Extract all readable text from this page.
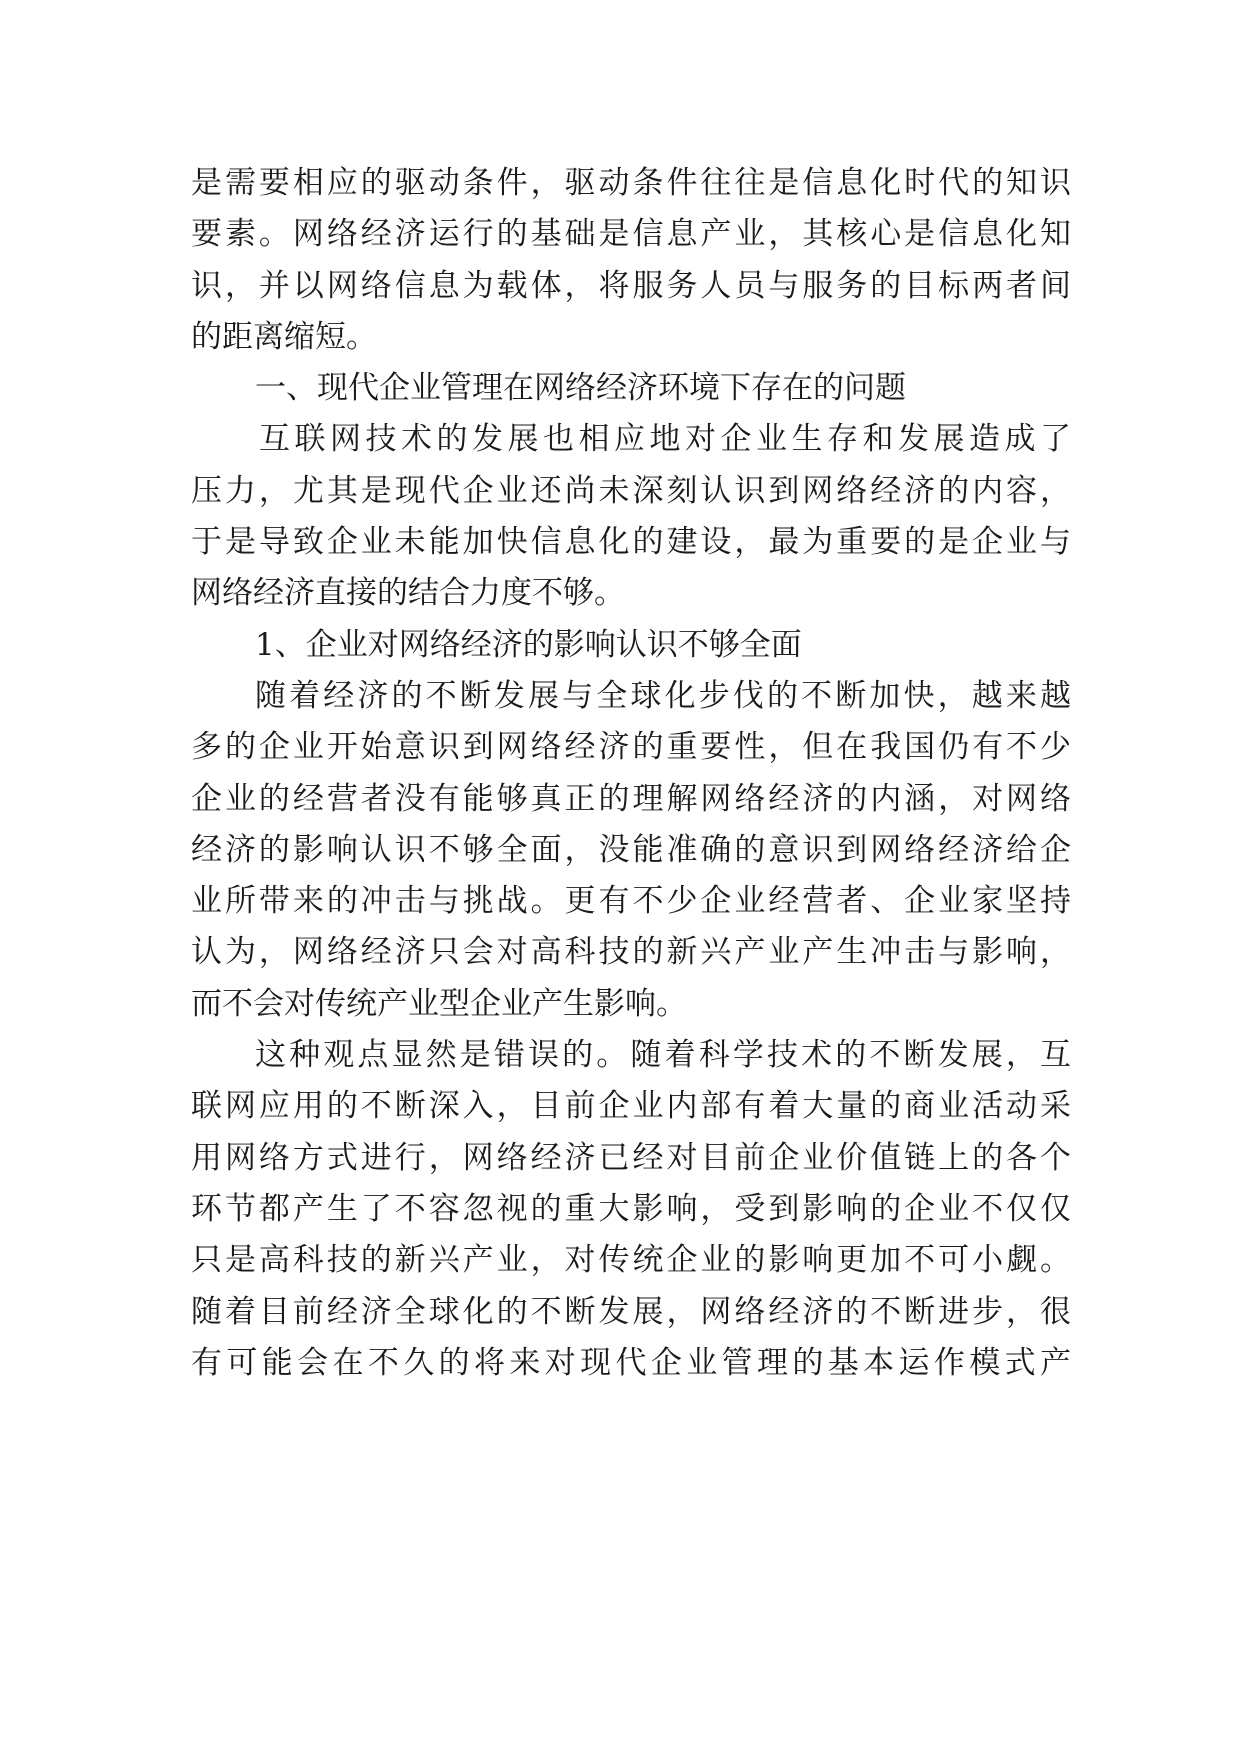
是需要相应的驱动条件，驱动条件往往是信息化时代的知识
要素。网络经济运行的基础是信息产业，其核心是信息化知
识，并以网络信息为载体，将服务人员与服务的目标两者间
的距离缩短。
一、现代企业管理在网络经济环境下存在的问题
互联网技术的发展也相应地对企业生存和发展造成了
压力，尤其是现代企业还尚未深刻认识到网络经济的内容，
于是导致企业未能加快信息化的建设，最为重要的是企业与
网络经济直接的结合力度不够。
1、企业对网络经济的影响认识不够全面
随着经济的不断发展与全球化步伐的不断加快，越来越
多的企业开始意识到网络经济的重要性，但在我国仍有不少
企业的经营者没有能够真正的理解网络经济的内涵，对网络
经济的影响认识不够全面，没能准确的意识到网络经济给企
业所带来的冲击与挑战。更有不少企业经营者、企业家坚持
认为，网络经济只会对高科技的新兴产业产生冲击与影响，
而不会对传统产业型企业产生影响。
这种观点显然是错误的。随着科学技术的不断发展，互
联网应用的不断深入，目前企业内部有着大量的商业活动采
用网络方式进行，网络经济已经对目前企业价值链上的各个
环节都产生了不容忽视的重大影响，受到影响的企业不仅仅
只是高科技的新兴产业，对传统企业的影响更加不可小觑。
随着目前经济全球化的不断发展，网络经济的不断进步，很
有可能会在不久的将来对现代企业管理的基本运作模式产
